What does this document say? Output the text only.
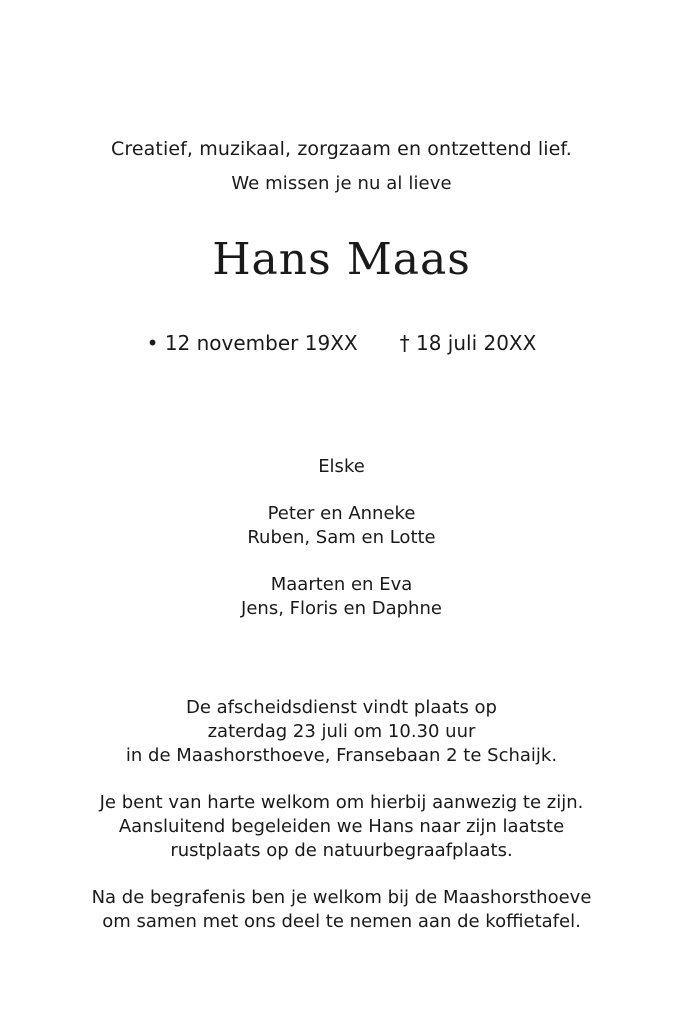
Creatief, muzikaal, zorgzaam en ontzettend lief.
We missen je nu al lieve
Hans Maas
• 12 november 19XX † 18 juli 20XX
Elske
Peter en Anneke
Ruben, Sam en Lotte
Maarten en Eva
Jens, Floris en Daphne
De afscheidsdienst vindt plaats op
zaterdag 23 juli om 10.30 uur
in de Maashorsthoeve, Fransebaan 2 te Schaijk.
Je bent van harte welkom om hierbij aanwezig te zijn.
Aansluitend begeleiden we Hans naar zijn laatste
rustplaats op de natuurbegraafplaats.
Na de begrafenis ben je welkom bij de Maashorsthoeve
om samen met ons deel te nemen aan de koffietafel.
